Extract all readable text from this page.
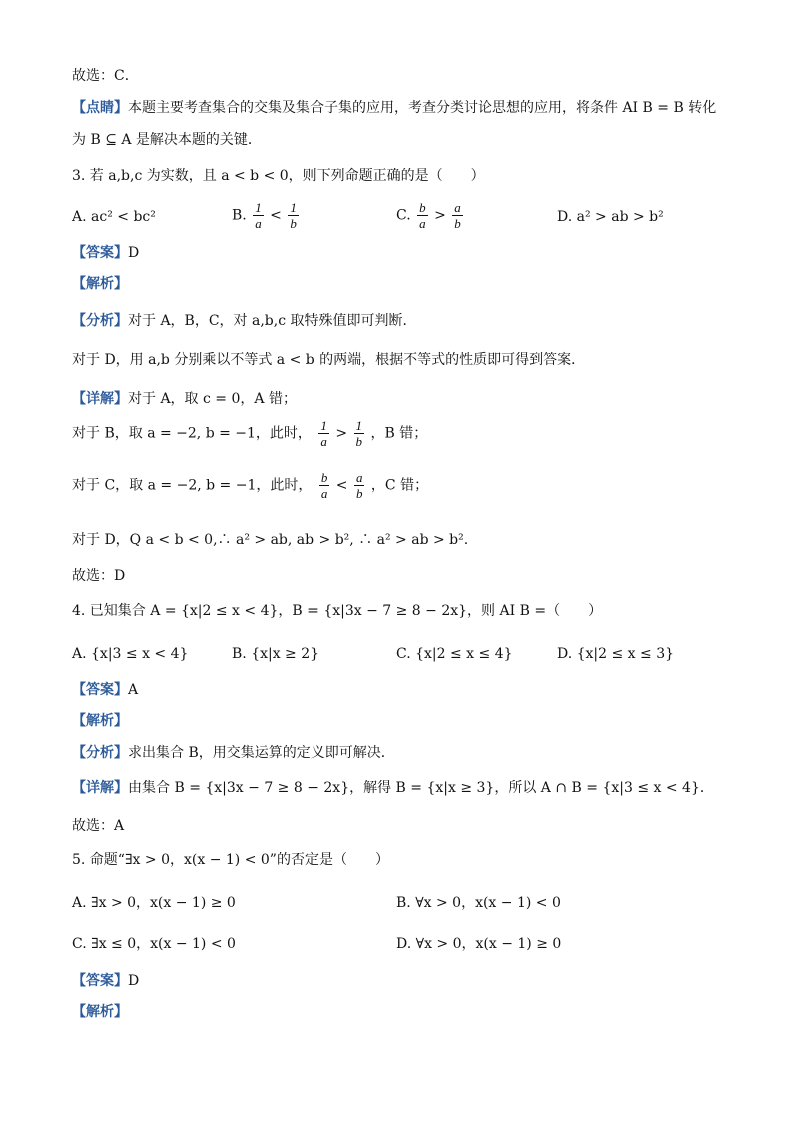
故选：C．
【点睛】本题主要考查集合的交集及集合子集的应用，考查分类讨论思想的应用，将条件 AI B = B 转化
为 B ⊆ A 是解决本题的关键．
3. 若 a,b,c 为实数，且 a < b < 0，则下列命题正确的是（　　）
A. ac² < bc²	B. $\frac{1}{a} < \frac{1}{b}$	C. $\frac{b}{a} > \frac{a}{b}$	D. a² > ab > b²
【答案】D
【解析】
【分析】对于 A，B，C，对 a,b,c 取特殊值即可判断．
对于 D，用 a,b 分别乘以不等式 a < b 的两端，根据不等式的性质即可得到答案．
【详解】对于 A，取 c = 0，A 错；
对于 B，取 a = −2, b = −1，此时， $\frac{1}{a} > \frac{1}{b}$ ，B 错；
对于 C，取 a = −2, b = −1，此时， $\frac{b}{a} < \frac{a}{b}$ ，C 错；
对于 D，Q a < b < 0,∴ a² > ab, ab > b², ∴ a² > ab > b².
故选：D
4. 已知集合 A = {x|2 ≤ x < 4}，B = {x|3x − 7 ≥ 8 − 2x}，则 AI B =（　　）
A. {x|3 ≤ x < 4}	B. {x|x ≥ 2}	C. {x|2 ≤ x ≤ 4}	D. {x|2 ≤ x ≤ 3}
【答案】A
【解析】
【分析】求出集合 B，用交集运算的定义即可解决．
【详解】由集合 B = {x|3x − 7 ≥ 8 − 2x}，解得 B = {x|x ≥ 3}，所以 A ∩ B = {x|3 ≤ x < 4}．
故选：A
5. 命题“∃x > 0，x(x − 1) < 0”的否定是（　　）
A. ∃x > 0，x(x − 1) ≥ 0	B. ∀x > 0，x(x − 1) < 0
C. ∃x ≤ 0，x(x − 1) < 0	D. ∀x > 0，x(x − 1) ≥ 0
【答案】D
【解析】
